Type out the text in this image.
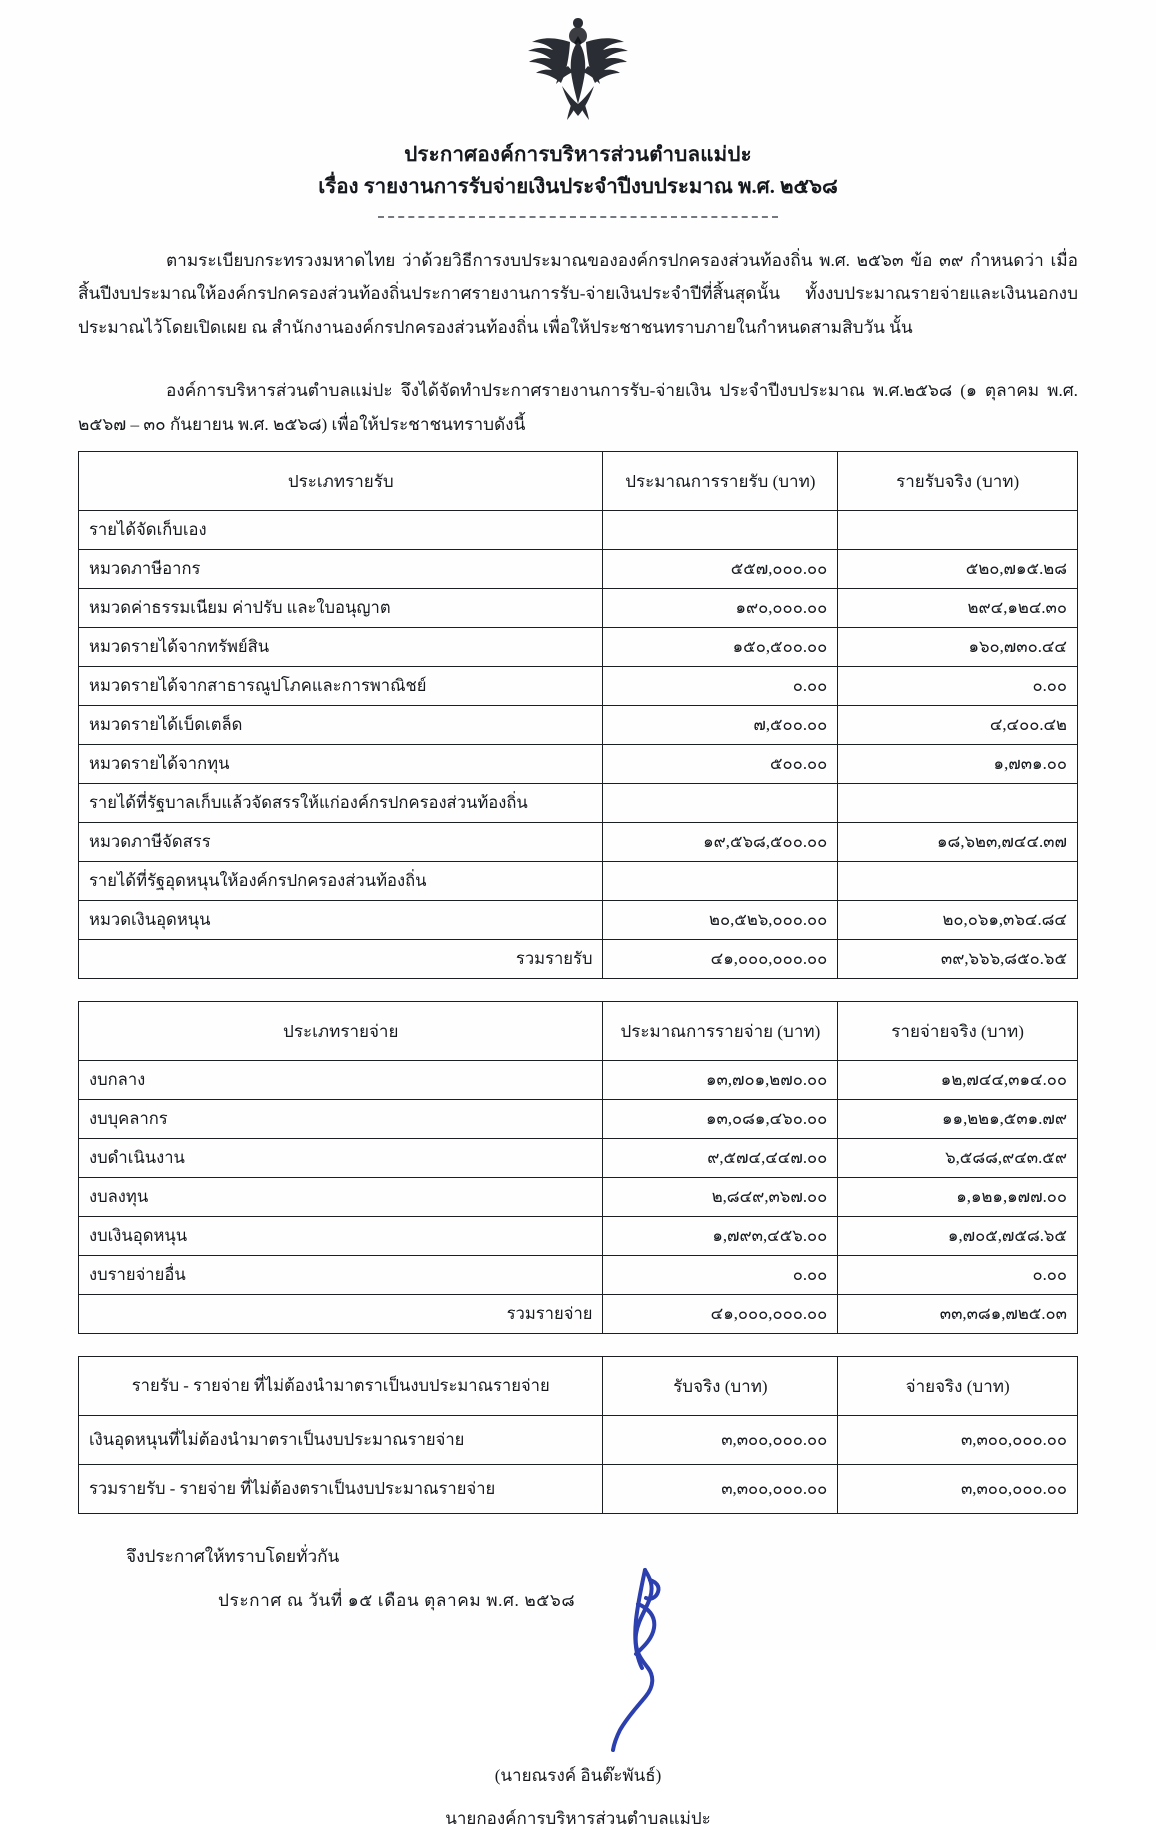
ประกาศองค์การบริหารส่วนตำบลแม่ปะ
เรื่อง รายงานการรับจ่ายเงินประจำปีงบประมาณ พ.ศ. ๒๕๖๘
ตามระเบียบกระทรวงมหาดไทย ว่าด้วยวิธีการงบประมาณขององค์กรปกครองส่วนท้องถิ่น พ.ศ. ๒๕๖๓ ข้อ ๓๙ กำหนดว่า เมื่อสิ้นปีงบประมาณให้องค์กรปกครองส่วนท้องถิ่นประกาศรายงานการรับ-จ่ายเงินประจำปีที่สิ้นสุดนั้น ทั้งงบประมาณรายจ่ายและเงินนอกงบประมาณไว้โดยเปิดเผย ณ สำนักงานองค์กรปกครองส่วนท้องถิ่น เพื่อให้ประชาชนทราบภายในกำหนดสามสิบวัน นั้น
องค์การบริหารส่วนตำบลแม่ปะ จึงได้จัดทำประกาศรายงานการรับ-จ่ายเงิน ประจำปีงบประมาณ พ.ศ.๒๕๖๘ (๑ ตุลาคม พ.ศ. ๒๕๖๗ – ๓๐ กันยายน พ.ศ. ๒๕๖๘) เพื่อให้ประชาชนทราบดังนี้
ประเภทรายรับ	ประมาณการรายรับ (บาท)	รายรับจริง (บาท)
รายได้จัดเก็บเอง		
หมวดภาษีอากร	๕๕๗,๐๐๐.๐๐	๕๒๐,๗๑๕.๒๘
หมวดค่าธรรมเนียม ค่าปรับ และใบอนุญาต	๑๙๐,๐๐๐.๐๐	๒๙๔,๑๒๔.๓๐
หมวดรายได้จากทรัพย์สิน	๑๕๐,๕๐๐.๐๐	๑๖๐,๗๓๐.๔๔
หมวดรายได้จากสาธารณูปโภคและการพาณิชย์	๐.๐๐	๐.๐๐
หมวดรายได้เบ็ดเตล็ด	๗,๕๐๐.๐๐	๔,๔๐๐.๔๒
หมวดรายได้จากทุน	๕๐๐.๐๐	๑,๗๓๑.๐๐
รายได้ที่รัฐบาลเก็บแล้วจัดสรรให้แก่องค์กรปกครองส่วนท้องถิ่น		
หมวดภาษีจัดสรร	๑๙,๕๖๘,๕๐๐.๐๐	๑๘,๖๒๓,๗๔๔.๓๗
รายได้ที่รัฐอุดหนุนให้องค์กรปกครองส่วนท้องถิ่น		
หมวดเงินอุดหนุน	๒๐,๕๒๖,๐๐๐.๐๐	๒๐,๐๖๑,๓๖๔.๘๔
รวมรายรับ	๔๑,๐๐๐,๐๐๐.๐๐	๓๙,๖๖๖,๘๕๐.๖๕
ประเภทรายจ่าย	ประมาณการรายจ่าย (บาท)	รายจ่ายจริง (บาท)
งบกลาง	๑๓,๗๐๑,๒๗๐.๐๐	๑๒,๗๔๔,๓๑๔.๐๐
งบบุคลากร	๑๓,๐๘๑,๔๖๐.๐๐	๑๑,๒๒๑,๕๓๑.๗๙
งบดำเนินงาน	๙,๕๗๔,๔๔๗.๐๐	๖,๕๘๘,๙๔๓.๕๙
งบลงทุน	๒,๘๔๙,๓๖๗.๐๐	๑,๑๒๑,๑๗๗.๐๐
งบเงินอุดหนุน	๑,๗๙๓,๔๕๖.๐๐	๑,๗๐๕,๗๕๘.๖๕
งบรายจ่ายอื่น	๐.๐๐	๐.๐๐
รวมรายจ่าย	๔๑,๐๐๐,๐๐๐.๐๐	๓๓,๓๘๑,๗๒๕.๐๓
รายรับ - รายจ่าย ที่ไม่ต้องนำมาตราเป็นงบประมาณรายจ่าย	รับจริง (บาท)	จ่ายจริง (บาท)
เงินอุดหนุนที่ไม่ต้องนำมาตราเป็นงบประมาณรายจ่าย	๓,๓๐๐,๐๐๐.๐๐	๓,๓๐๐,๐๐๐.๐๐
รวมรายรับ - รายจ่าย ที่ไม่ต้องตราเป็นงบประมาณรายจ่าย	๓,๓๐๐,๐๐๐.๐๐	๓,๓๐๐,๐๐๐.๐๐
จึงประกาศให้ทราบโดยทั่วกัน
ประกาศ ณ วันที่ ๑๕ เดือน ตุลาคม พ.ศ. ๒๕๖๘
(นายณรงค์ อินต๊ะพันธ์)
นายกองค์การบริหารส่วนตำบลแม่ปะ
